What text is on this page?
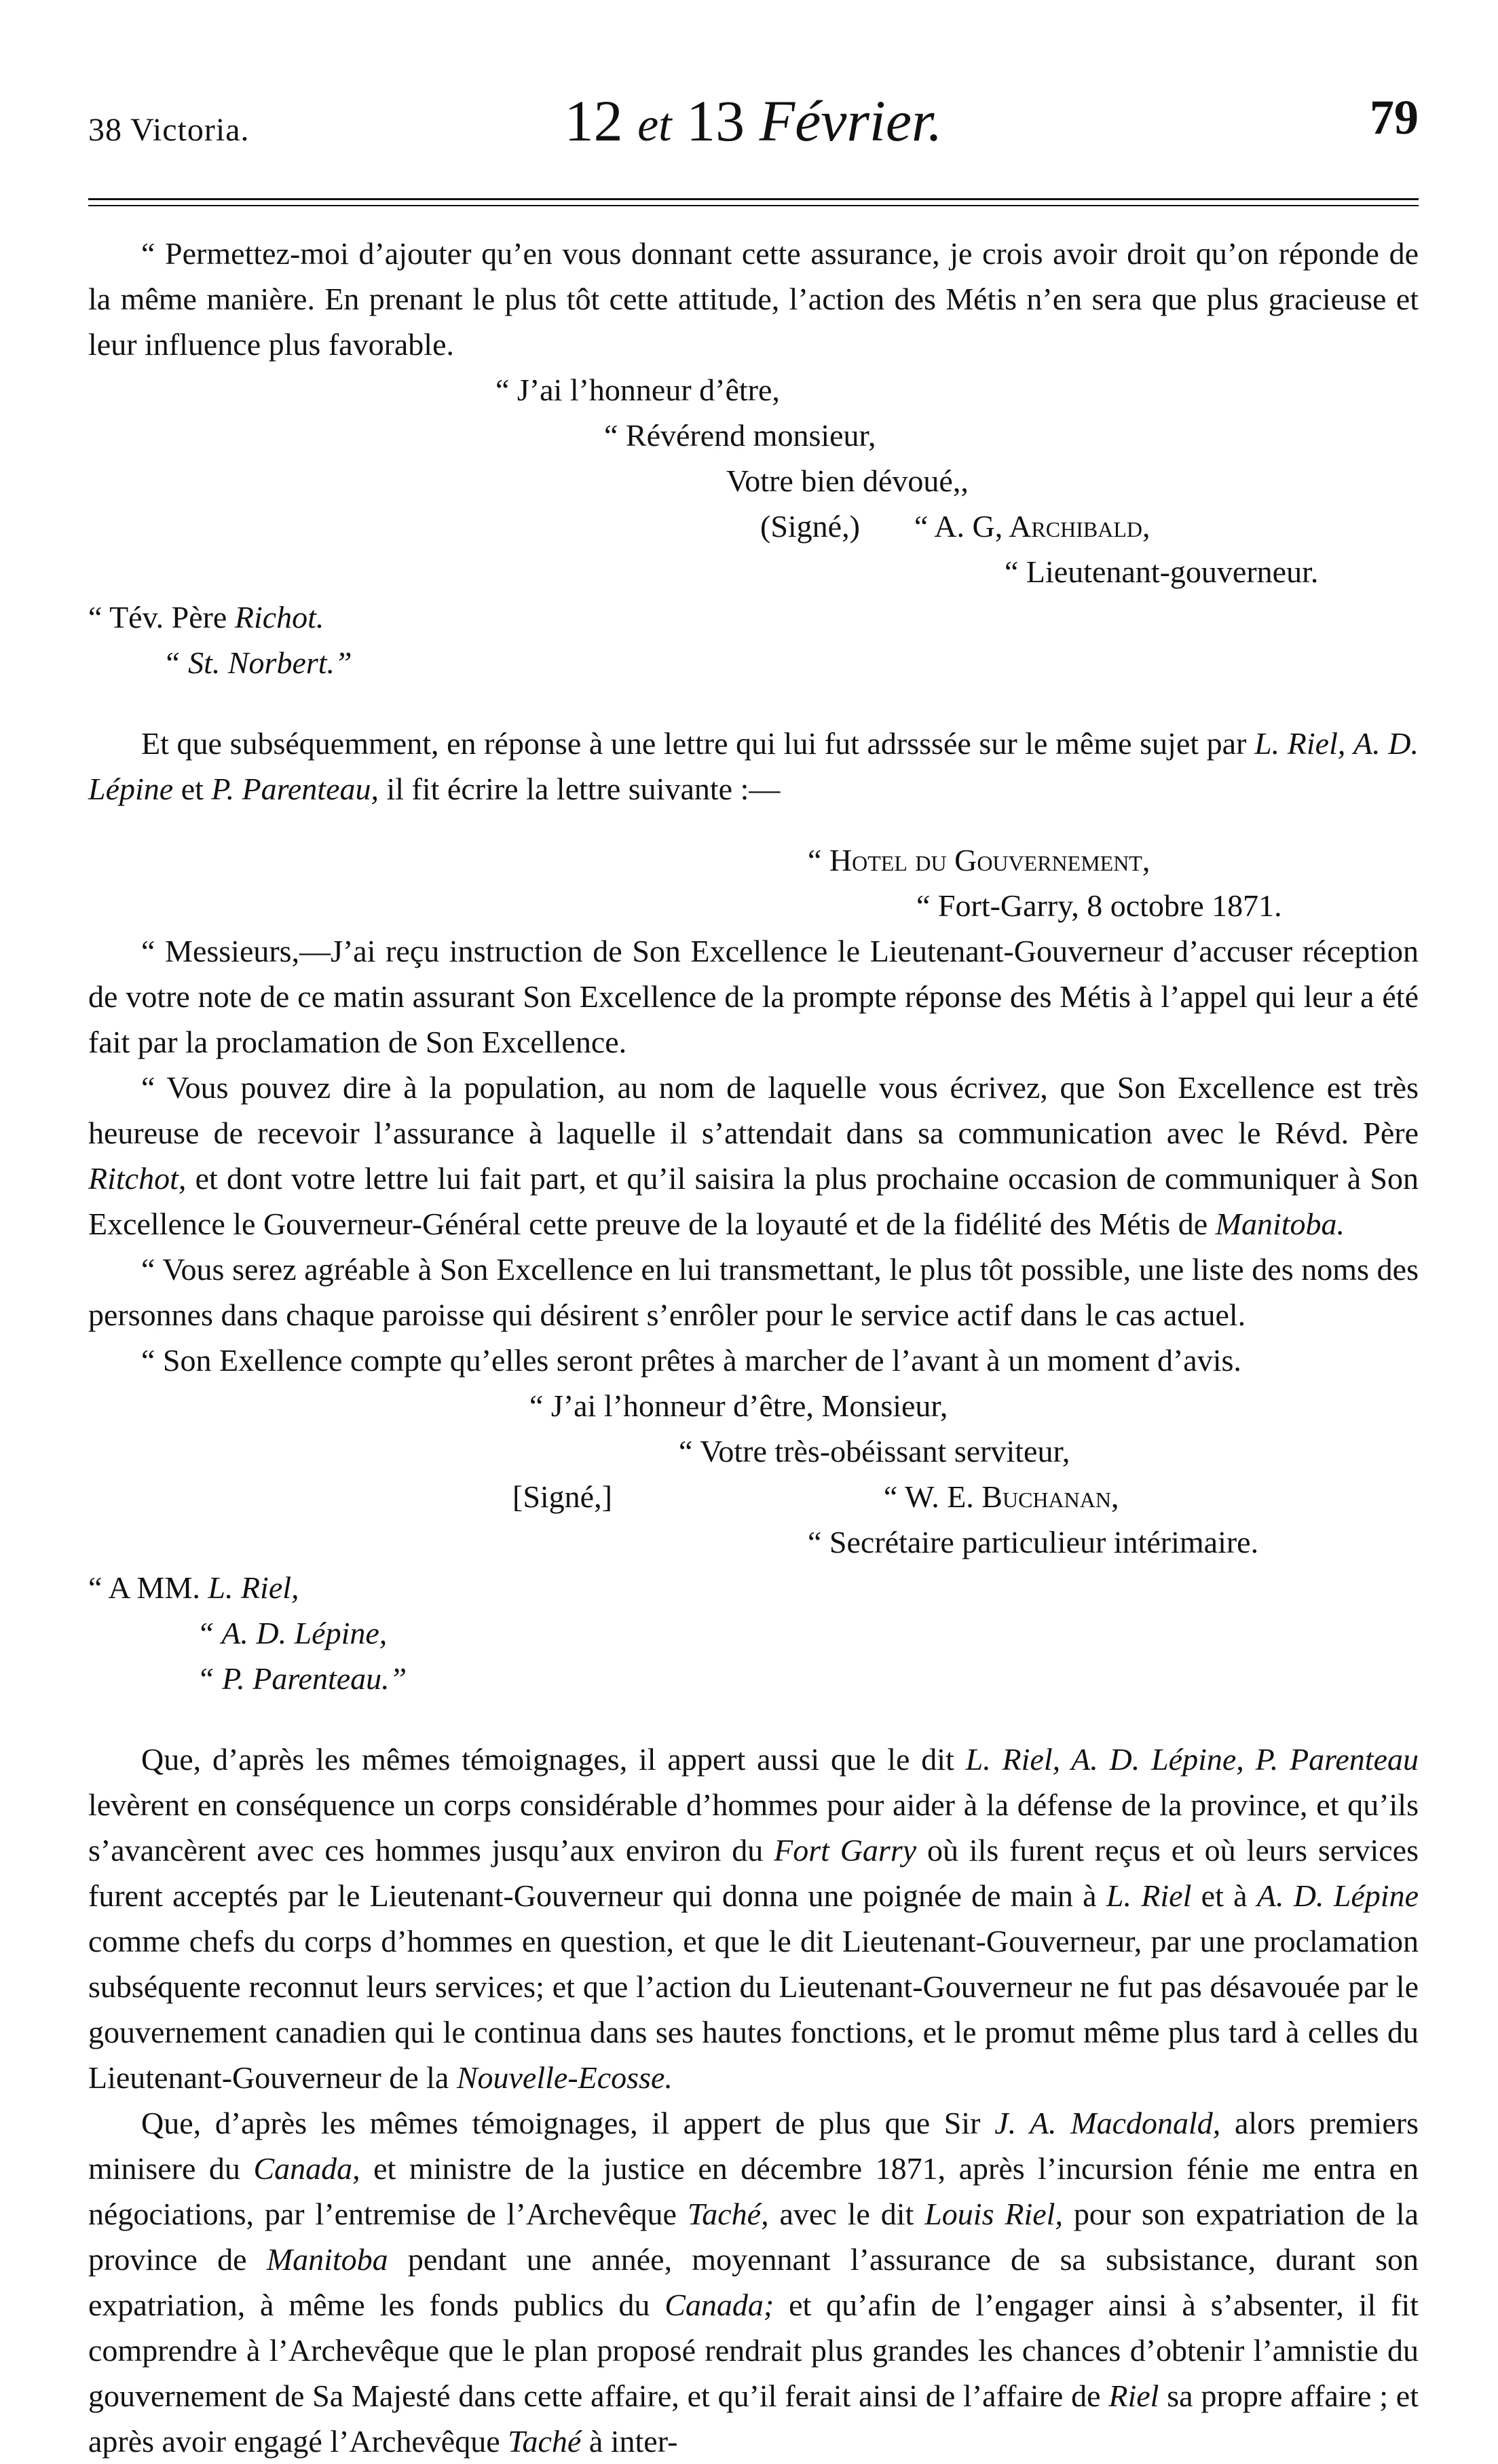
38 Victoria.	12 et 13 Février.	79

“ Permettez-moi d’ajouter qu’en vous donnant cette assurance, je crois avoir droit qu’on réponde de la même manière. En prenant le plus tôt cette attitude, l’action des Métis n’en sera que plus gracieuse et leur influence plus favorable.

“ J’ai l’honneur d’être,

“ Révérend monsieur,

Votre bien dévoué,,

(Signé,) “ A. G, Archibald,

“ Lieutenant-gouverneur.

“ Tév. Père Richot.

“ St. Norbert.”

Et que subséquemment, en réponse à une lettre qui lui fut adrsssée sur le même sujet par L. Riel, A. D. Lépine et P. Parenteau, il fit écrire la lettre suivante :—

“ Hotel du Gouvernement,

“ Fort-Garry, 8 octobre 1871.

“ Messieurs,—J’ai reçu instruction de Son Excellence le Lieutenant-Gouverneur d’accuser réception de votre note de ce matin assurant Son Excellence de la prompte réponse des Métis à l’appel qui leur a été fait par la proclamation de Son Excellence.

“ Vous pouvez dire à la population, au nom de laquelle vous écrivez, que Son Excellence est très heureuse de recevoir l’assurance à laquelle il s’attendait dans sa communication avec le Révd. Père Ritchot, et dont votre lettre lui fait part, et qu’il saisira la plus prochaine occasion de communiquer à Son Excellence le Gouverneur-Général cette preuve de la loyauté et de la fidélité des Métis de Manitoba.

“ Vous serez agréable à Son Excellence en lui transmettant, le plus tôt possible, une liste des noms des personnes dans chaque paroisse qui désirent s’enrôler pour le service actif dans le cas actuel.

“ Son Exellence compte qu’elles seront prêtes à marcher de l’avant à un moment d’avis.

“ J’ai l’honneur d’être, Monsieur,

“ Votre très-obéissant serviteur,

[Signé,]	“ W. E. Buchanan,

“ Secrétaire particulieur intérimaire.

“ A MM. L. Riel,

“ A. D. Lépine,

“ P. Parenteau.”

Que, d’après les mêmes témoignages, il appert aussi que le dit L. Riel, A. D. Lépine, P. Parenteau levèrent en conséquence un corps considérable d’hommes pour aider à la défense de la province, et qu’ils s’avancèrent avec ces hommes jusqu’aux environ du Fort Garry où ils furent reçus et où leurs services furent acceptés par le Lieutenant-Gouverneur qui donna une poignée de main à L. Riel et à A. D. Lépine comme chefs du corps d’hommes en question, et que le dit Lieutenant-Gouverneur, par une proclamation subséquente reconnut leurs services; et que l’action du Lieutenant-Gouverneur ne fut pas désavouée par le gouvernement canadien qui le continua dans ses hautes fonctions, et le promut même plus tard à celles du Lieutenant-Gouverneur de la Nouvelle-Ecosse.

Que, d’après les mêmes témoignages, il appert de plus que Sir J. A. Macdonald, alors premiers minisere du Canada, et ministre de la justice en décembre 1871, après l’incursion fénie me entra en négociations, par l’entremise de l’Archevêque Taché, avec le dit Louis Riel, pour son expatriation de la province de Manitoba pendant une année, moyennant l’assurance de sa subsistance, durant son expatriation, à même les fonds publics du Canada; et qu’afin de l’engager ainsi à s’absenter, il fit comprendre à l’Archevêque que le plan proposé rendrait plus grandes les chances d’obtenir l’amnistie du gouvernement de Sa Majesté dans cette affaire, et qu’il ferait ainsi de l’affaire de Riel sa propre affaire ; et après avoir engagé l’Archevêque Taché à inter-
